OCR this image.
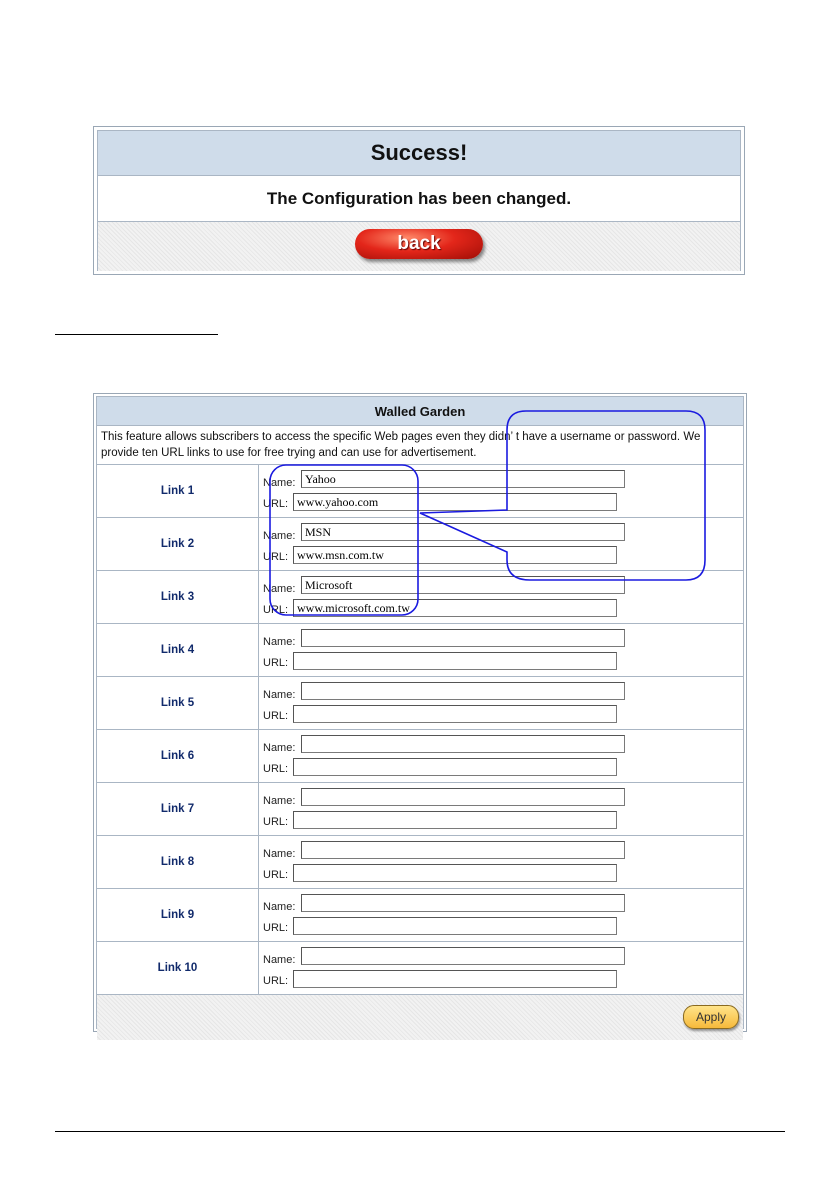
Success!
The Configuration has been changed.
back
Walled Garden
This feature allows subscribers to access the specific Web pages even they didn’ t have a username or password. We provide ten URL links to use for free trying and can use for advertisement.
Link 1
Name: Yahoo
URL: www.yahoo.com
Link 2
Name: MSN
URL: www.msn.com.tw
Link 3
Name: Microsoft
URL: www.microsoft.com.tw
Link 4
Name:
URL:
Link 5
Name:
URL:
Link 6
Name:
URL:
Link 7
Name:
URL:
Link 8
Name:
URL:
Link 9
Name:
URL:
Link 10
Name:
URL:
Apply
